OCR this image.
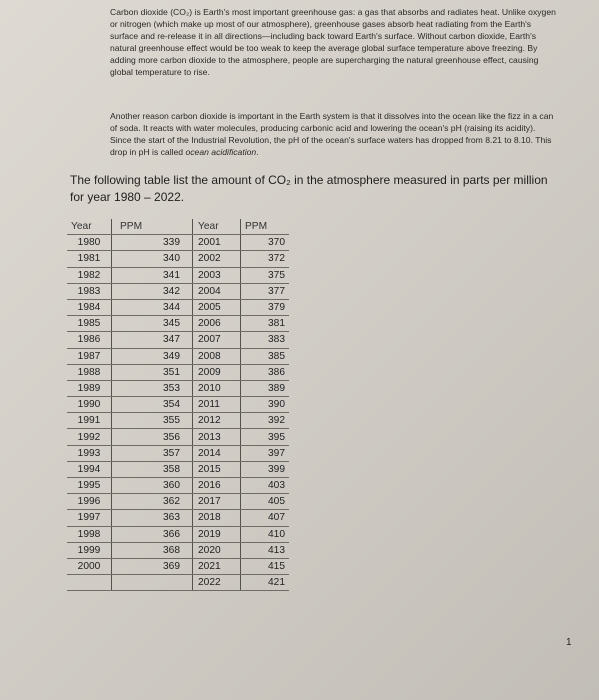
Carbon dioxide (CO₂) is Earth's most important greenhouse gas: a gas that absorbs and radiates heat. Unlike oxygen or nitrogen (which make up most of our atmosphere), greenhouse gases absorb heat radiating from the Earth's surface and re-release it in all directions—including back toward Earth's surface. Without carbon dioxide, Earth's natural greenhouse effect would be too weak to keep the average global surface temperature above freezing. By adding more carbon dioxide to the atmosphere, people are supercharging the natural greenhouse effect, causing global temperature to rise.
Another reason carbon dioxide is important in the Earth system is that it dissolves into the ocean like the fizz in a can of soda. It reacts with water molecules, producing carbonic acid and lowering the ocean's pH (raising its acidity). Since the start of the Industrial Revolution, the pH of the ocean's surface waters has dropped from 8.21 to 8.10. This drop in pH is called ocean acidification.
The following table list the amount of CO₂ in the atmosphere measured in parts per million for year 1980 – 2022.
Year	PPM	Year	PPM
1980	339	2001	370
1981	340	2002	372
1982	341	2003	375
1983	342	2004	377
1984	344	2005	379
1985	345	2006	381
1986	347	2007	383
1987	349	2008	385
1988	351	2009	386
1989	353	2010	389
1990	354	2011	390
1991	355	2012	392
1992	356	2013	395
1993	357	2014	397
1994	358	2015	399
1995	360	2016	403
1996	362	2017	405
1997	363	2018	407
1998	366	2019	410
1999	368	2020	413
2000	369	2021	415
		2022	421
1
